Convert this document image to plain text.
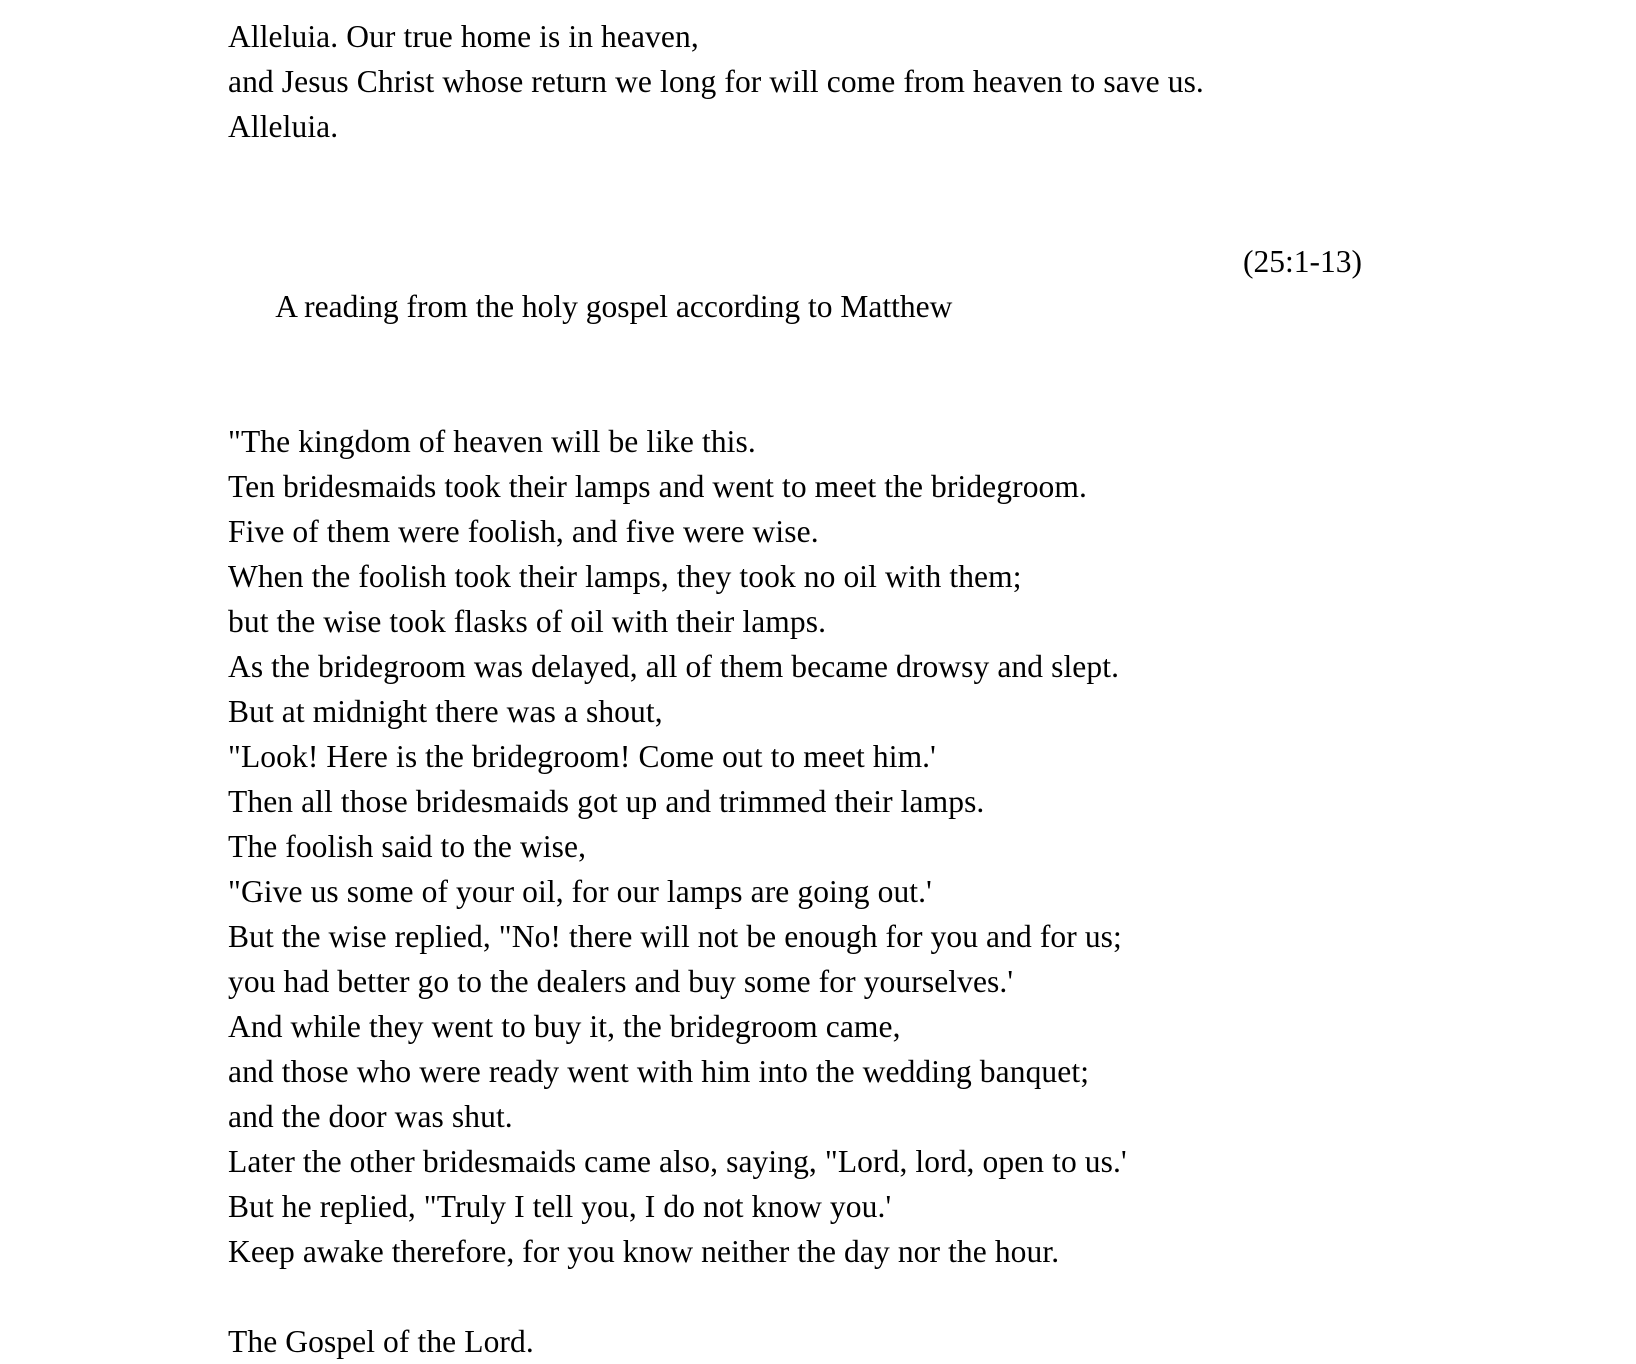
Alleluia. Our true home is in heaven,
and Jesus Christ whose return we long for will come from heaven to save us.
Alleluia.

A reading from the holy gospel according to Matthew
(25:1-13)

"The kingdom of heaven will be like this.
Ten bridesmaids took their lamps and went to meet the bridegroom.
Five of them were foolish, and five were wise.
When the foolish took their lamps, they took no oil with them;
but the wise took flasks of oil with their lamps.
As the bridegroom was delayed, all of them became drowsy and slept.
But at midnight there was a shout,
"Look! Here is the bridegroom! Come out to meet him.'
Then all those bridesmaids got up and trimmed their lamps.
The foolish said to the wise,
"Give us some of your oil, for our lamps are going out.'
But the wise replied, "No! there will not be enough for you and for us;
you had better go to the dealers and buy some for yourselves.'
And while they went to buy it, the bridegroom came,
and those who were ready went with him into the wedding banquet;
and the door was shut.
Later the other bridesmaids came also, saying, "Lord, lord, open to us.'
But he replied, "Truly I tell you, I do not know you.'
Keep awake therefore, for you know neither the day nor the hour.
The Gospel of the Lord.
